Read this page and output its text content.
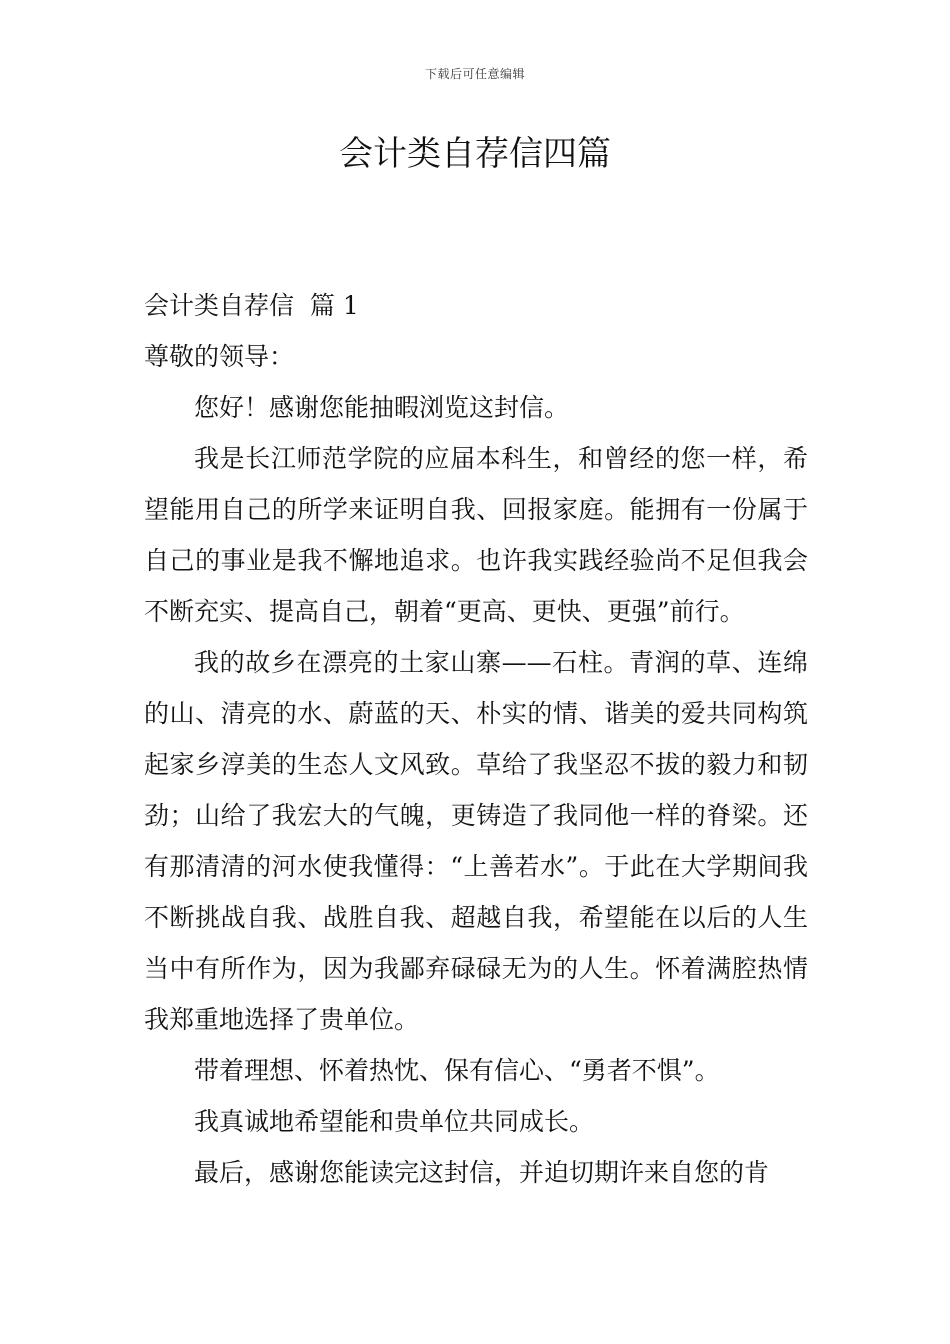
下载后可任意编辑
会计类自荐信四篇

会计类自荐信  篇 1

尊敬的领导：

您好！感谢您能抽暇浏览这封信。

我是长江师范学院的应届本科生，和曾经的您一样，希望能用自己的所学来证明自我、回报家庭。能拥有一份属于自己的事业是我不懈地追求。也许我实践经验尚不足但我会不断充实、提高自己，朝着“更高、更快、更强”前行。

我的故乡在漂亮的土家山寨——石柱。青润的草、连绵的山、清亮的水、蔚蓝的天、朴实的情、谐美的爱共同构筑起家乡淳美的生态人文风致。草给了我坚忍不拔的毅力和韧劲；山给了我宏大的气魄，更铸造了我同他一样的脊梁。还有那清清的河水使我懂得：“上善若水”。于此在大学期间我不断挑战自我、战胜自我、超越自我，希望能在以后的人生当中有所作为，因为我鄙弃碌碌无为的人生。怀着满腔热情我郑重地选择了贵单位。

带着理想、怀着热忱、保有信心、“勇者不惧”。

我真诚地希望能和贵单位共同成长。

最后，感谢您能读完这封信，并迫切期许来自您的肯
